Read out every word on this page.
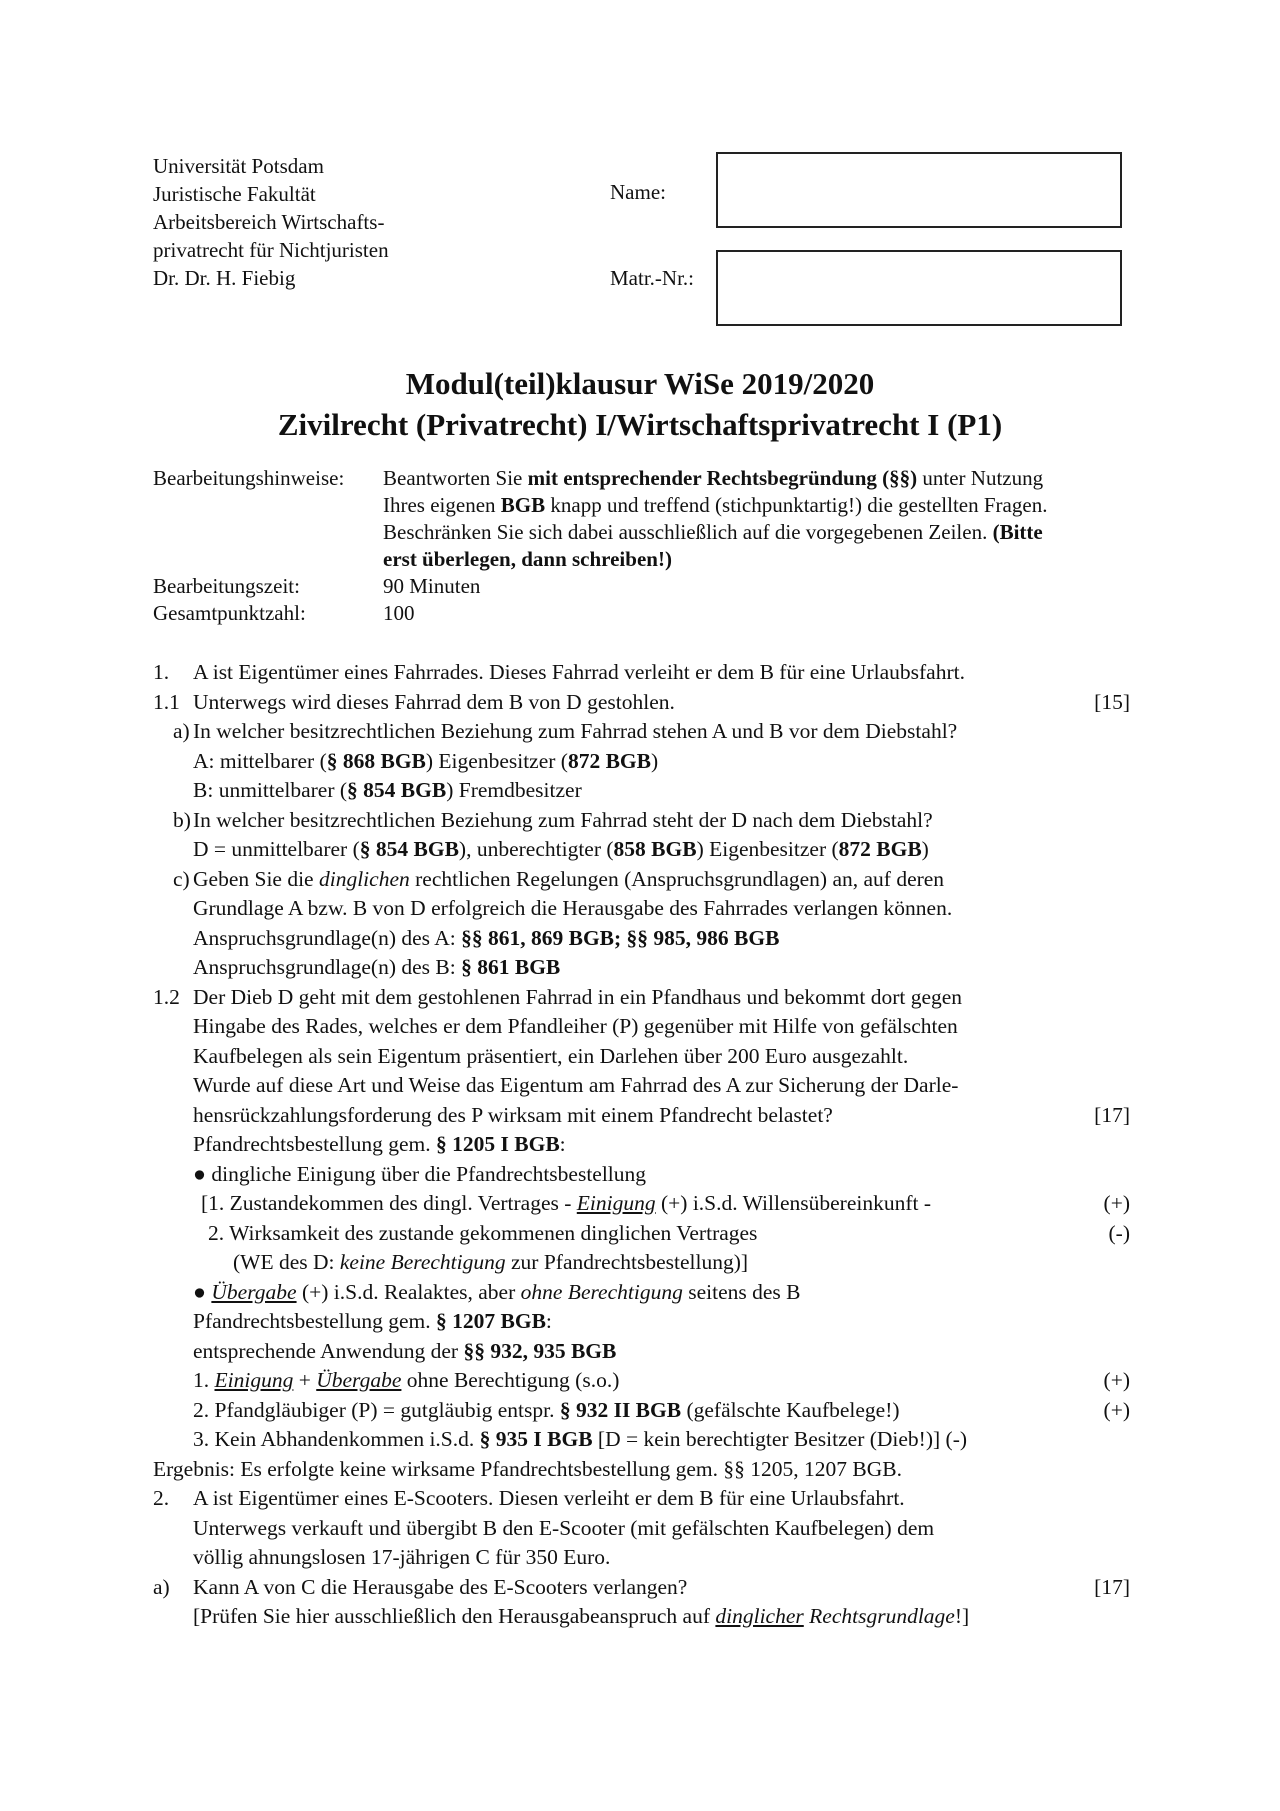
Universität Potsdam
Juristische Fakultät
Arbeitsbereich Wirtschafts-
privatrecht für Nichtjuristen
Dr. Dr. H. Fiebig
Name:
Matr.-Nr.:
Modul(teil)klausur WiSe 2019/2020
Zivilrecht (Privatrecht) I/Wirtschaftsprivatrecht I (P1)
Bearbeitungshinweise:	Beantworten Sie mit entsprechender Rechtsbegründung (§§) unter Nutzung
Ihres eigenen BGB knapp und treffend (stichpunktartig!) die gestellten Fragen.
Beschränken Sie sich dabei ausschließlich auf die vorgegebenen Zeilen. (Bitte
erst überlegen, dann schreiben!)
Bearbeitungszeit:	90 Minuten
Gesamtpunktzahl:	100
1. A ist Eigentümer eines Fahrrades. Dieses Fahrrad verleiht er dem B für eine Urlaubsfahrt.
1.1 Unterwegs wird dieses Fahrrad dem B von D gestohlen.	[15]
a) In welcher besitzrechtlichen Beziehung zum Fahrrad stehen A und B vor dem Diebstahl?
A: mittelbarer (§ 868 BGB) Eigenbesitzer (872 BGB)
B: unmittelbarer (§ 854 BGB) Fremdbesitzer
b) In welcher besitzrechtlichen Beziehung zum Fahrrad steht der D nach dem Diebstahl?
D = unmittelbarer (§ 854 BGB), unberechtigter (858 BGB) Eigenbesitzer (872 BGB)
c) Geben Sie die dinglichen rechtlichen Regelungen (Anspruchsgrundlagen) an, auf deren
Grundlage A bzw. B von D erfolgreich die Herausgabe des Fahrrades verlangen können.
Anspruchsgrundlage(n) des A: §§ 861, 869 BGB; §§ 985, 986 BGB
Anspruchsgrundlage(n) des B: § 861 BGB
1.2 Der Dieb D geht mit dem gestohlenen Fahrrad in ein Pfandhaus und bekommt dort gegen
Hingabe des Rades, welches er dem Pfandleiher (P) gegenüber mit Hilfe von gefälschten
Kaufbelegen als sein Eigentum präsentiert, ein Darlehen über 200 Euro ausgezahlt.
Wurde auf diese Art und Weise das Eigentum am Fahrrad des A zur Sicherung der Darle-
hensrückzahlungsforderung des P wirksam mit einem Pfandrecht belastet?	[17]
Pfandrechtsbestellung gem. § 1205 I BGB:
● dingliche Einigung über die Pfandrechtsbestellung
[1. Zustandekommen des dingl. Vertrages - Einigung (+) i.S.d. Willensübereinkunft -	(+)
2. Wirksamkeit des zustande gekommenen dinglichen Vertrages	(-)
(WE des D: keine Berechtigung zur Pfandrechtsbestellung)]
● Übergabe (+) i.S.d. Realaktes, aber ohne Berechtigung seitens des B
Pfandrechtsbestellung gem. § 1207 BGB:
entsprechende Anwendung der §§ 932, 935 BGB
1. Einigung + Übergabe ohne Berechtigung (s.o.)	(+)
2. Pfandgläubiger (P) = gutgläubig entspr. § 932 II BGB (gefälschte Kaufbelege!)	(+)
3. Kein Abhandenkommen i.S.d. § 935 I BGB [D = kein berechtigter Besitzer (Dieb!)] (-)
Ergebnis: Es erfolgte keine wirksame Pfandrechtsbestellung gem. §§ 1205, 1207 BGB.
2. A ist Eigentümer eines E-Scooters. Diesen verleiht er dem B für eine Urlaubsfahrt.
Unterwegs verkauft und übergibt B den E-Scooter (mit gefälschten Kaufbelegen) dem
völlig ahnungslosen 17-jährigen C für 350 Euro.
a) Kann A von C die Herausgabe des E-Scooters verlangen?	[17]
[Prüfen Sie hier ausschließlich den Herausgabeanspruch auf dinglicher Rechtsgrundlage!]
